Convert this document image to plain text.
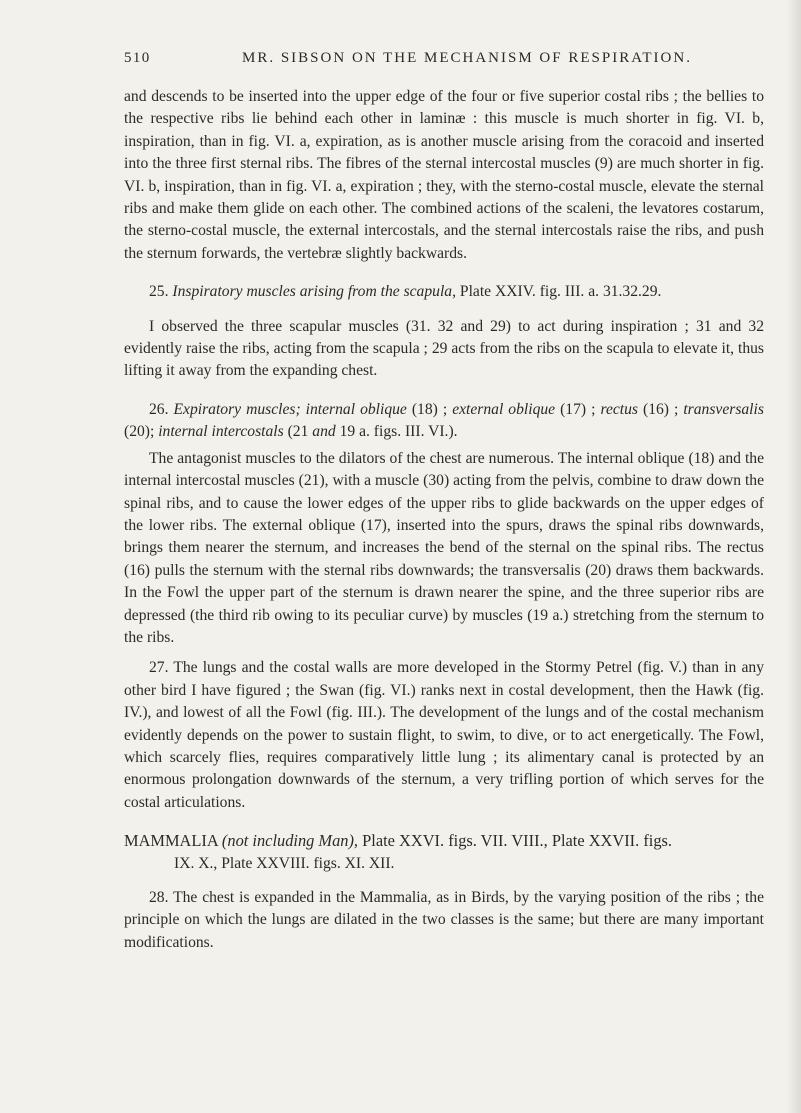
510	MR. SIBSON ON THE MECHANISM OF RESPIRATION.

and descends to be inserted into the upper edge of the four or five superior costal ribs ; the bellies to the respective ribs lie behind each other in laminæ : this muscle is much shorter in fig. VI. b, inspiration, than in fig. VI. a, expiration, as is another muscle arising from the coracoid and inserted into the three first sternal ribs. The fibres of the sternal intercostal muscles (9) are much shorter in fig. VI. b, inspiration, than in fig. VI. a, expiration ; they, with the sterno-costal muscle, elevate the sternal ribs and make them glide on each other. The combined actions of the scaleni, the levatores costarum, the sterno-costal muscle, the external intercostals, and the sternal intercostals raise the ribs, and push the sternum forwards, the vertebræ slightly backwards.

25. Inspiratory muscles arising from the scapula, Plate XXIV. fig. III. a. 31.32.29.

I observed the three scapular muscles (31. 32 and 29) to act during inspiration ; 31 and 32 evidently raise the ribs, acting from the scapula ; 29 acts from the ribs on the scapula to elevate it, thus lifting it away from the expanding chest.

26. Expiratory muscles; internal oblique (18) ; external oblique (17) ; rectus (16) ; transversalis (20); internal intercostals (21 and 19 a. figs. III. VI.).

The antagonist muscles to the dilators of the chest are numerous. The internal oblique (18) and the internal intercostal muscles (21), with a muscle (30) acting from the pelvis, combine to draw down the spinal ribs, and to cause the lower edges of the upper ribs to glide backwards on the upper edges of the lower ribs. The external oblique (17), inserted into the spurs, draws the spinal ribs downwards, brings them nearer the sternum, and increases the bend of the sternal on the spinal ribs. The rectus (16) pulls the sternum with the sternal ribs downwards; the transversalis (20) draws them backwards. In the Fowl the upper part of the sternum is drawn nearer the spine, and the three superior ribs are depressed (the third rib owing to its peculiar curve) by muscles (19 a.) stretching from the sternum to the ribs.

27. The lungs and the costal walls are more developed in the Stormy Petrel (fig. V.) than in any other bird I have figured ; the Swan (fig. VI.) ranks next in costal development, then the Hawk (fig. IV.), and lowest of all the Fowl (fig. III.). The development of the lungs and of the costal mechanism evidently depends on the power to sustain flight, to swim, to dive, or to act energetically. The Fowl, which scarcely flies, requires comparatively little lung ; its alimentary canal is protected by an enormous prolongation downwards of the sternum, a very trifling portion of which serves for the costal articulations.

MAMMALIA (not including Man), Plate XXVI. figs. VII. VIII., Plate XXVII. figs.

IX. X., Plate XXVIII. figs. XI. XII.

28. The chest is expanded in the Mammalia, as in Birds, by the varying position of the ribs ; the principle on which the lungs are dilated in the two classes is the same; but there are many important modifications.
